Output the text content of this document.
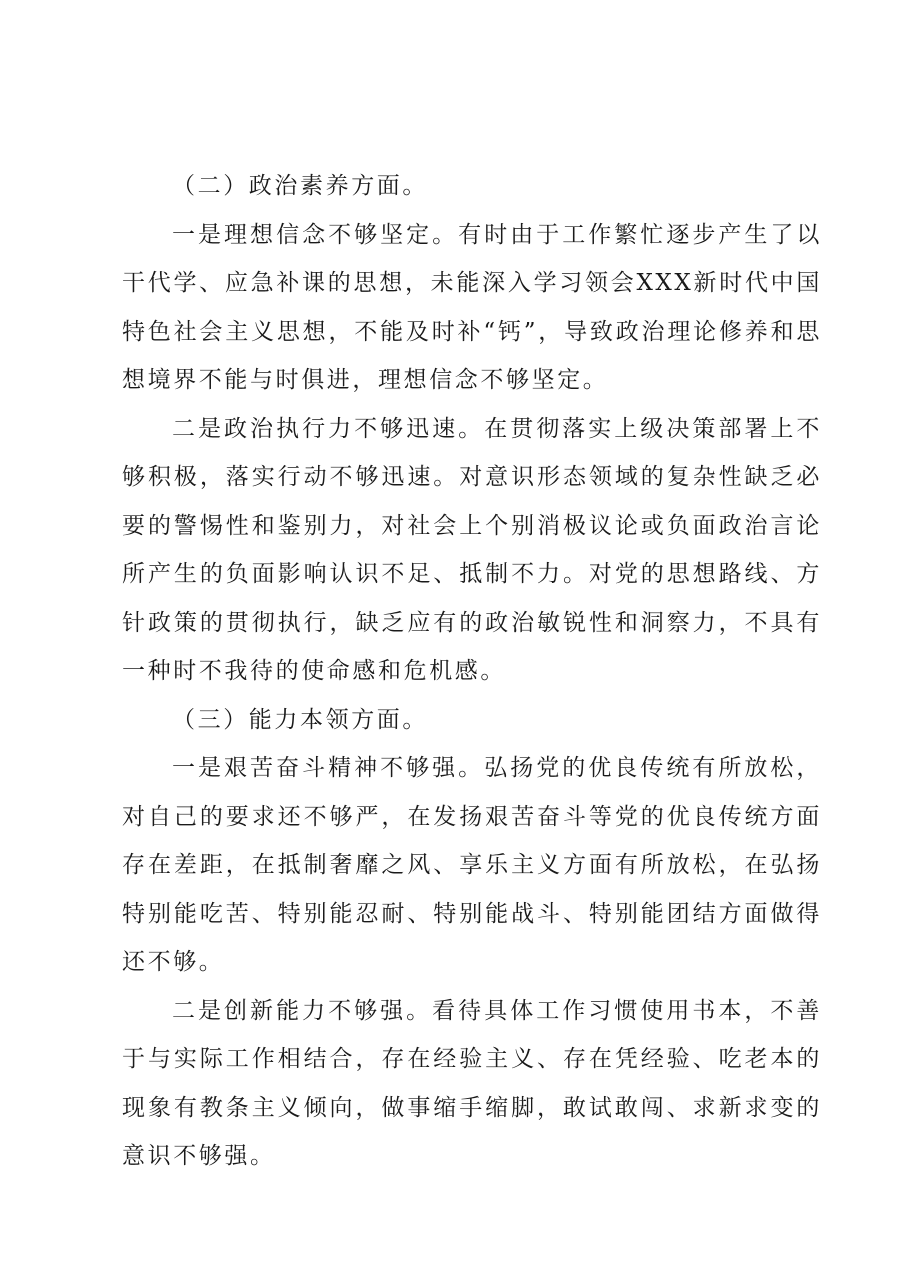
（二）政治素养方面。

一是理想信念不够坚定。有时由于工作繁忙逐步产生了以干代学、应急补课的思想，未能深入学习领会XXX新时代中国特色社会主义思想，不能及时补“钙”，导致政治理论修养和思想境界不能与时俱进，理想信念不够坚定。

二是政治执行力不够迅速。在贯彻落实上级决策部署上不够积极，落实行动不够迅速。对意识形态领域的复杂性缺乏必要的警惕性和鉴别力，对社会上个别消极议论或负面政治言论所产生的负面影响认识不足、抵制不力。对党的思想路线、方针政策的贯彻执行，缺乏应有的政治敏锐性和洞察力，不具有一种时不我待的使命感和危机感。

（三）能力本领方面。

一是艰苦奋斗精神不够强。弘扬党的优良传统有所放松，对自己的要求还不够严，在发扬艰苦奋斗等党的优良传统方面存在差距，在抵制奢靡之风、享乐主义方面有所放松，在弘扬特别能吃苦、特别能忍耐、特别能战斗、特别能团结方面做得还不够。

二是创新能力不够强。看待具体工作习惯使用书本，不善于与实际工作相结合，存在经验主义、存在凭经验、吃老本的现象有教条主义倾向，做事缩手缩脚，敢试敢闯、求新求变的意识不够强。
